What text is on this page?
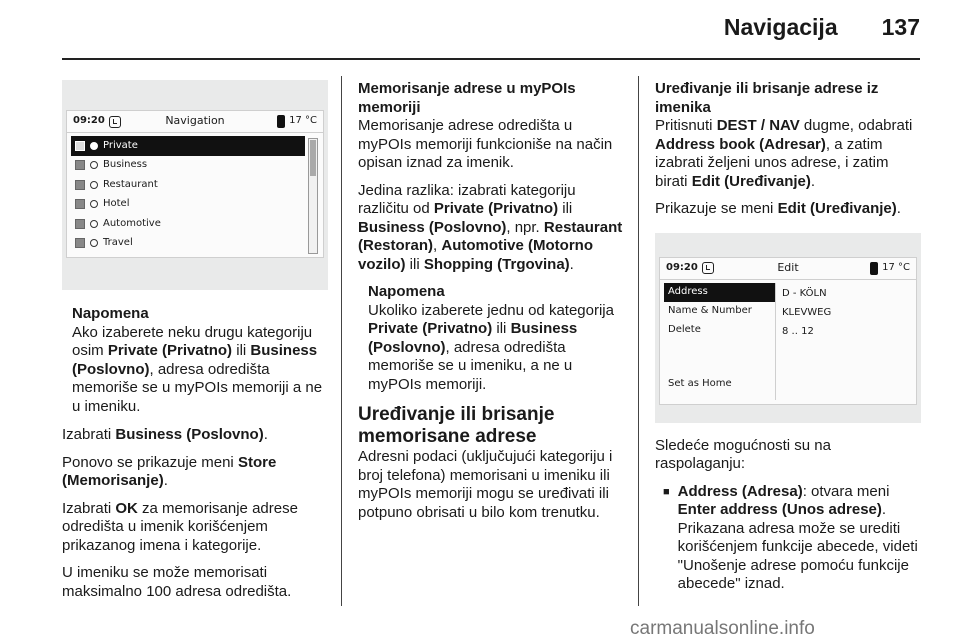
Navigacija 137
09:20	Navigation	17 °C
Private
Business
Restaurant
Hotel
Automotive
Travel
Napomena
Ako izaberete neku drugu kategoriju osim Private (Privatno) ili Business (Poslovno), adresa odredišta memoriše se u myPOIs memoriji a ne u imeniku.

Izabrati Business (Poslovno).

Ponovo se prikazuje meni Store (Memorisanje).

Izabrati OK za memorisanje adrese odredišta u imenik korišćenjem prikazanog imena i kategorije.

U imeniku se može memorisati maksimalno 100 adresa odredišta.

Memorisanje adrese u myPOIs memoriji

Memorisanje adrese odredišta u myPOIs memoriji funkcioniše na način opisan iznad za imenik.

Jedina razlika: izabrati kategoriju različitu od Private (Privatno) ili Business (Poslovno), npr. Restaurant (Restoran), Automotive (Motorno vozilo) ili Shopping (Trgovina).

Napomena
Ukoliko izaberete jednu od kategorija Private (Privatno) ili Business (Poslovno), adresa odredišta memoriše se u imeniku, a ne u myPOIs memoriji.
Uređivanje ili brisanje memorisane adrese

Adresni podaci (uključujući kategoriju i broj telefona) memorisani u imeniku ili myPOIs memoriji mogu se uređivati ili potpuno obrisati u bilo kom trenutku.

Uređivanje ili brisanje adrese iz imenika

Pritisnuti DEST / NAV dugme, odabrati Address book (Adresar), a zatim izabrati željeni unos adrese, i zatim birati Edit (Uređivanje).

Prikazuje se meni Edit (Uređivanje).

09:20	Edit	17 °C
Address
Name & Number
Delete
Set as Home
D - KÖLN
KLEVWEG
8 .. 12

Sledeće mogućnosti su na raspolaganju:

■ Address (Adresa): otvara meni Enter address (Unos adrese). Prikazana adresa može se urediti korišćenjem funkcije abecede, videti "Unošenje adrese pomoću funkcije abecede" iznad.
carmanualsonline.info
